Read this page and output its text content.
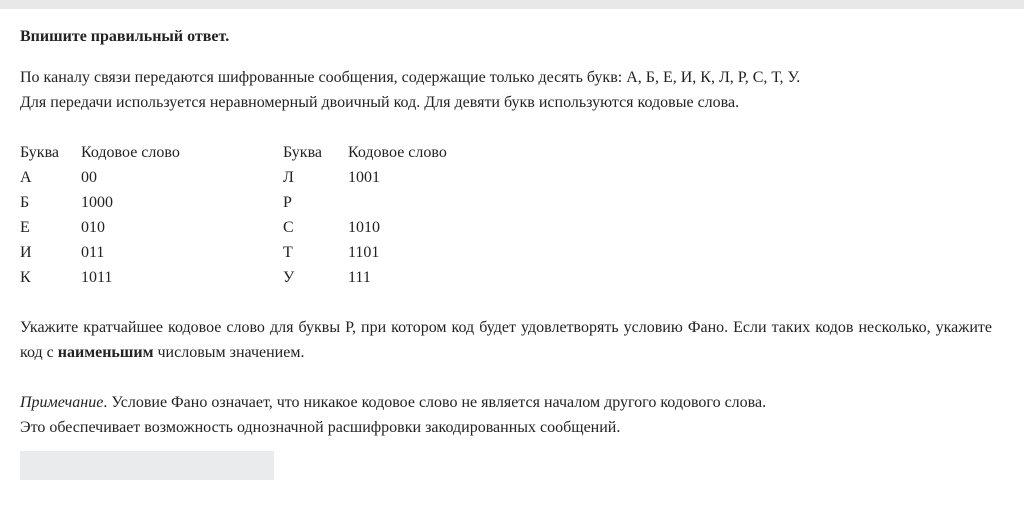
Впишите правильный ответ.

По каналу связи передаются шифрованные сообщения, содержащие только десять букв: А, Б, Е, И, К, Л, Р, С, Т, У.

Для передачи используется неравномерный двоичный код. Для девяти букв используются кодовые слова.

Буква	Кодовое слово	Буква	Кодовое слово
А	00	Л	1001
Б	1000	Р	
Е	010	С	1010
И	011	Т	1101
К	1011	У	111

Укажите кратчайшее кодовое слово для буквы Р, при котором код будет удовлетворять условию Фано. Если таких кодов несколько, укажите код с наименьшим числовым значением.

Примечание. Условие Фано означает, что никакое кодовое слово не является началом другого кодового слова.

Это обеспечивает возможность однозначной расшифровки закодированных сообщений.
